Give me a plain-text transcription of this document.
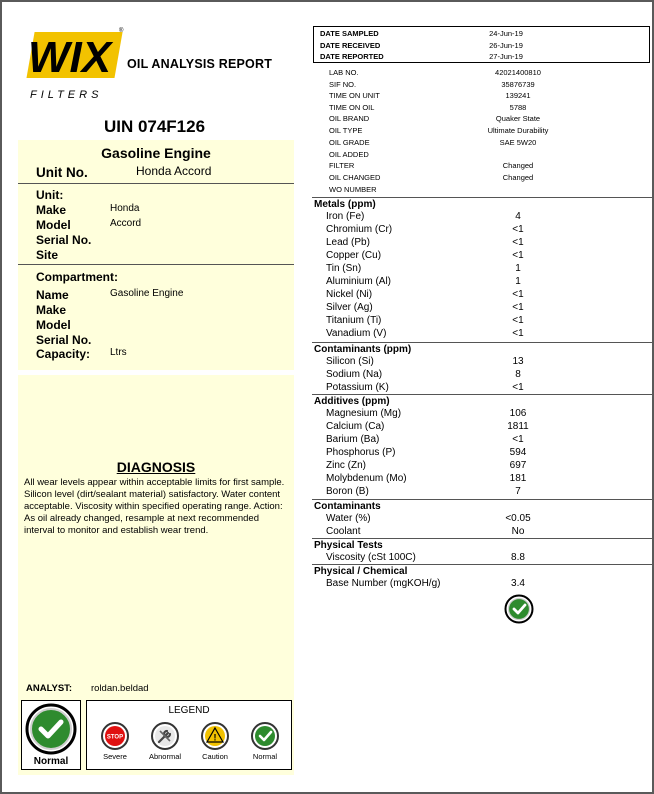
WIX
FILTERS
®
OIL ANALYSIS REPORT
UIN 074F126
Gasoline Engine
Unit No.	Honda Accord
Unit:
Make	Honda
Model	Accord
Serial No.
Site
Compartment:
Name	Gasoline Engine
Make
Model
Serial No.
Capacity: Ltrs
DIAGNOSIS
All wear levels appear within acceptable limits for first sample. Silicon level (dirt/sealant material) satisfactory. Water content acceptable. Viscosity within specified operating range. Action: As oil already changed, resample at next recommended interval to monitor and establish wear trend.
ANALYST: roldan.beldad
Normal
LEGEND
STOP
Severe	Abnormal
!
Caution	Normal
DATE SAMPLED	24-Jun-19
DATE RECEIVED	26-Jun-19
DATE REPORTED	27-Jun-19
LAB NO.	42021400810
SIF NO.	35876739
TIME ON UNIT	139241
TIME ON OIL	5788
OIL BRAND	Quaker State
OIL TYPE	Ultimate Durability
OIL GRADE	SAE 5W20
OIL ADDED
FILTER	Changed
OIL CHANGED	Changed
WO NUMBER
Metals (ppm)
Iron (Fe)	4
Chromium (Cr)	<1
Lead (Pb)	<1
Copper (Cu)	<1
Tin (Sn)	1
Aluminium (Al)	1
Nickel (Ni)	<1
Silver (Ag)	<1
Titanium (Ti)	<1
Vanadium (V)	<1
Contaminants (ppm)
Silicon (Si)	13
Sodium (Na)	8
Potassium (K)	<1
Additives (ppm)
Magnesium (Mg)	106
Calcium (Ca)	1811
Barium (Ba)	<1
Phosphorus (P)	594
Zinc (Zn)	697
Molybdenum (Mo)	181
Boron (B)	7
Contaminants
Water (%)	<0.05
Coolant	No
Physical Tests
Viscosity (cSt 100C)	8.8
Physical / Chemical
Base Number (mgKOH/g)	3.4
